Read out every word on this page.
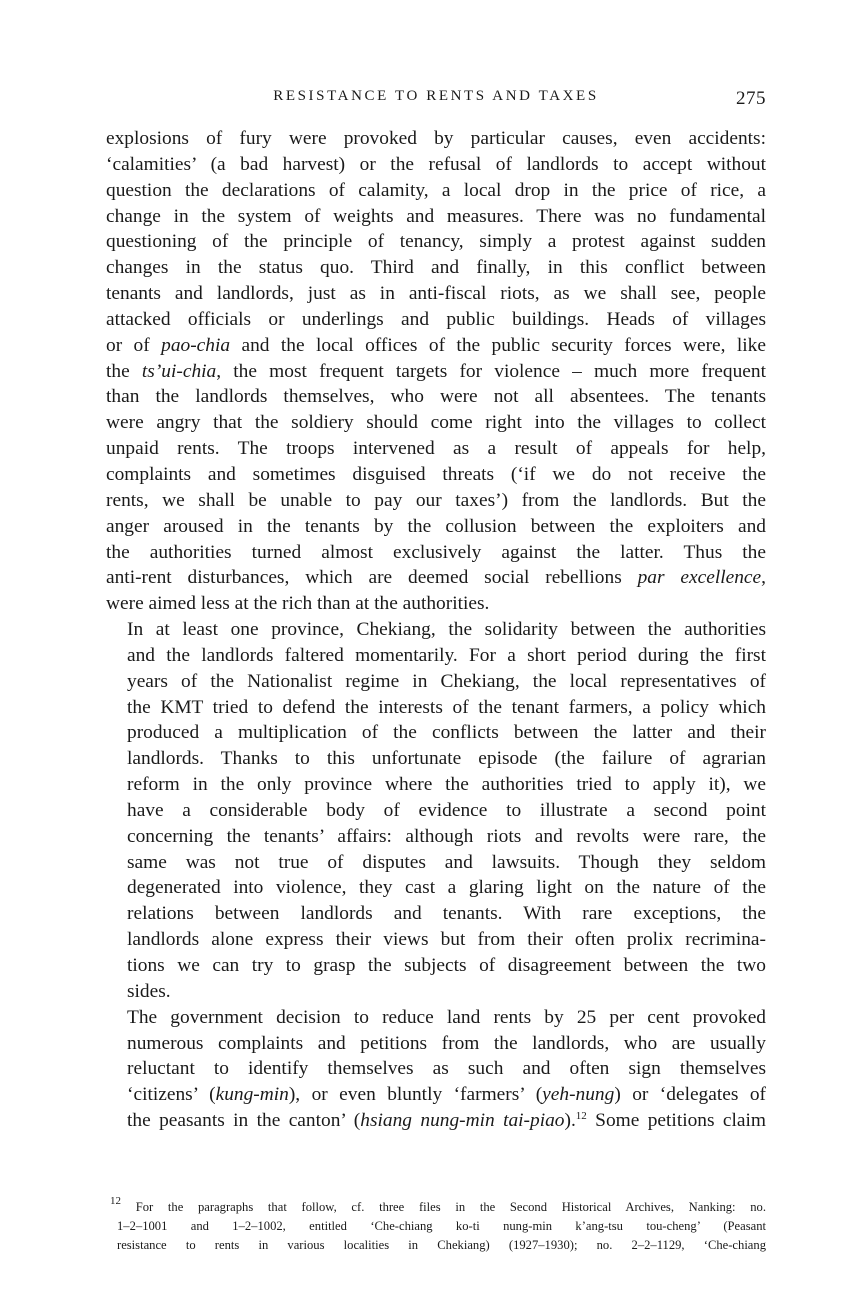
RESISTANCE TO RENTS AND TAXES	275

explosions of fury were provoked by particular causes, even accidents:
‘calamities’ (a bad harvest) or the refusal of landlords to accept without
question the declarations of calamity, a local drop in the price of rice, a
change in the system of weights and measures. There was no fundamental
questioning of the principle of tenancy, simply a protest against sudden
changes in the status quo. Third and finally, in this conflict between
tenants and landlords, just as in anti-fiscal riots, as we shall see, people
attacked officials or underlings and public buildings. Heads of villages
or of pao-chia and the local offices of the public security forces were, like
the ts’ui-chia, the most frequent targets for violence – much more frequent
than the landlords themselves, who were not all absentees. The tenants
were angry that the soldiery should come right into the villages to collect
unpaid rents. The troops intervened as a result of appeals for help,
complaints and sometimes disguised threats (‘if we do not receive the
rents, we shall be unable to pay our taxes’) from the landlords. But the
anger aroused in the tenants by the collusion between the exploiters and
the authorities turned almost exclusively against the latter. Thus the
anti-rent disturbances, which are deemed social rebellions par excellence,
were aimed less at the rich than at the authorities.

In at least one province, Chekiang, the solidarity between the authorities
and the landlords faltered momentarily. For a short period during the first
years of the Nationalist regime in Chekiang, the local representatives of
the KMT tried to defend the interests of the tenant farmers, a policy which
produced a multiplication of the conflicts between the latter and their
landlords. Thanks to this unfortunate episode (the failure of agrarian
reform in the only province where the authorities tried to apply it), we
have a considerable body of evidence to illustrate a second point
concerning the tenants’ affairs: although riots and revolts were rare, the
same was not true of disputes and lawsuits. Though they seldom
degenerated into violence, they cast a glaring light on the nature of the
relations between landlords and tenants. With rare exceptions, the
landlords alone express their views but from their often prolix recrimina-
tions we can try to grasp the subjects of disagreement between the two
sides.

The government decision to reduce land rents by 25 per cent provoked
numerous complaints and petitions from the landlords, who are usually
reluctant to identify themselves as such and often sign themselves
‘citizens’ (kung-min), or even bluntly ‘farmers’ (yeh-nung) or ‘delegates of
the peasants in the canton’ (hsiang nung-min tai-piao).$^{12}$ Some petitions claim

$^{12}$ For the paragraphs that follow, cf. three files in the Second Historical Archives, Nanking: no.
1–2–1001 and 1–2–1002, entitled ‘Che-chiang ko-ti nung-min k’ang-tsu tou-cheng’ (Peasant
resistance to rents in various localities in Chekiang) (1927–1930); no. 2–2–1129, ‘Che-chiang
